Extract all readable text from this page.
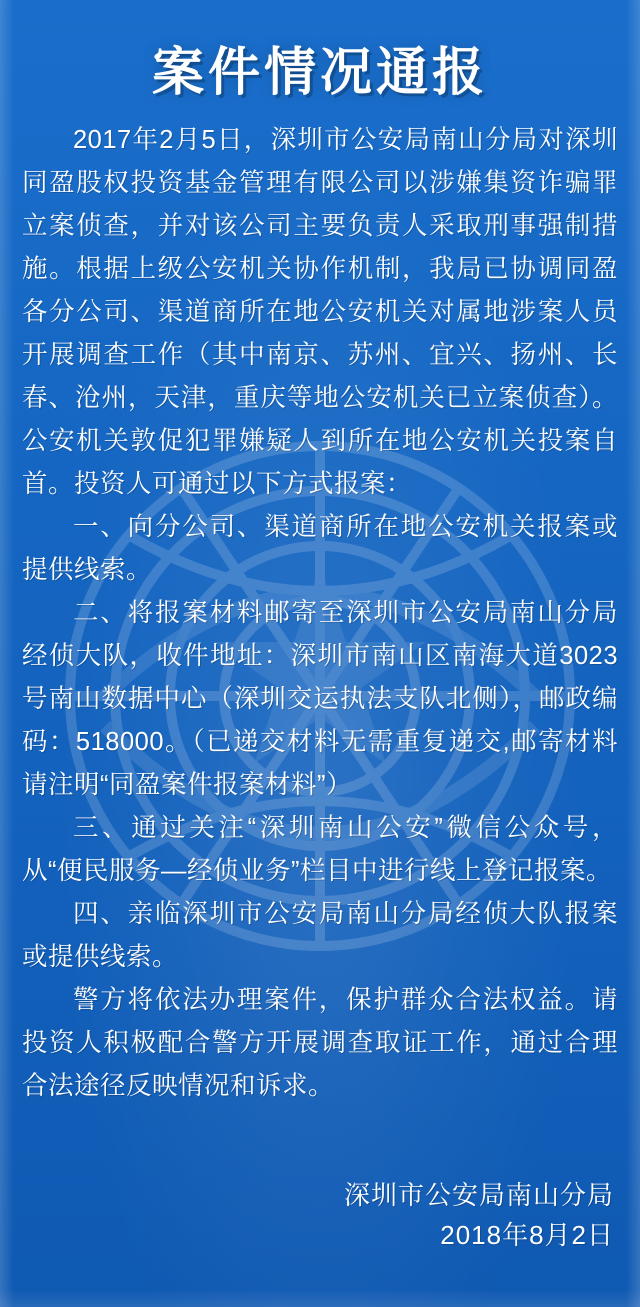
案件情况通报

2017年2月5日，深圳市公安局南山分局对深圳同盈股权投资基金管理有限公司以涉嫌集资诈骗罪立案侦查，并对该公司主要负责人采取刑事强制措施。根据上级公安机关协作机制，我局已协调同盈各分公司、渠道商所在地公安机关对属地涉案人员开展调查工作（其中南京、苏州、宜兴、扬州、长春、沧州，天津，重庆等地公安机关已立案侦查）。公安机关敦促犯罪嫌疑人到所在地公安机关投案自首。投资人可通过以下方式报案：

一、向分公司、渠道商所在地公安机关报案或提供线索。

二、将报案材料邮寄至深圳市公安局南山分局经侦大队，收件地址：深圳市南山区南海大道3023号南山数据中心（深圳交运执法支队北侧），邮政编码：518000。（已递交材料无需重复递交,邮寄材料请注明“同盈案件报案材料”）

三、通过关注“深圳南山公安”微信公众号，从“便民服务—经侦业务”栏目中进行线上登记报案。

四、亲临深圳市公安局南山分局经侦大队报案或提供线索。

警方将依法办理案件，保护群众合法权益。请投资人积极配合警方开展调查取证工作，通过合理合法途径反映情况和诉求。

深圳市公安局南山分局
2018年8月2日
